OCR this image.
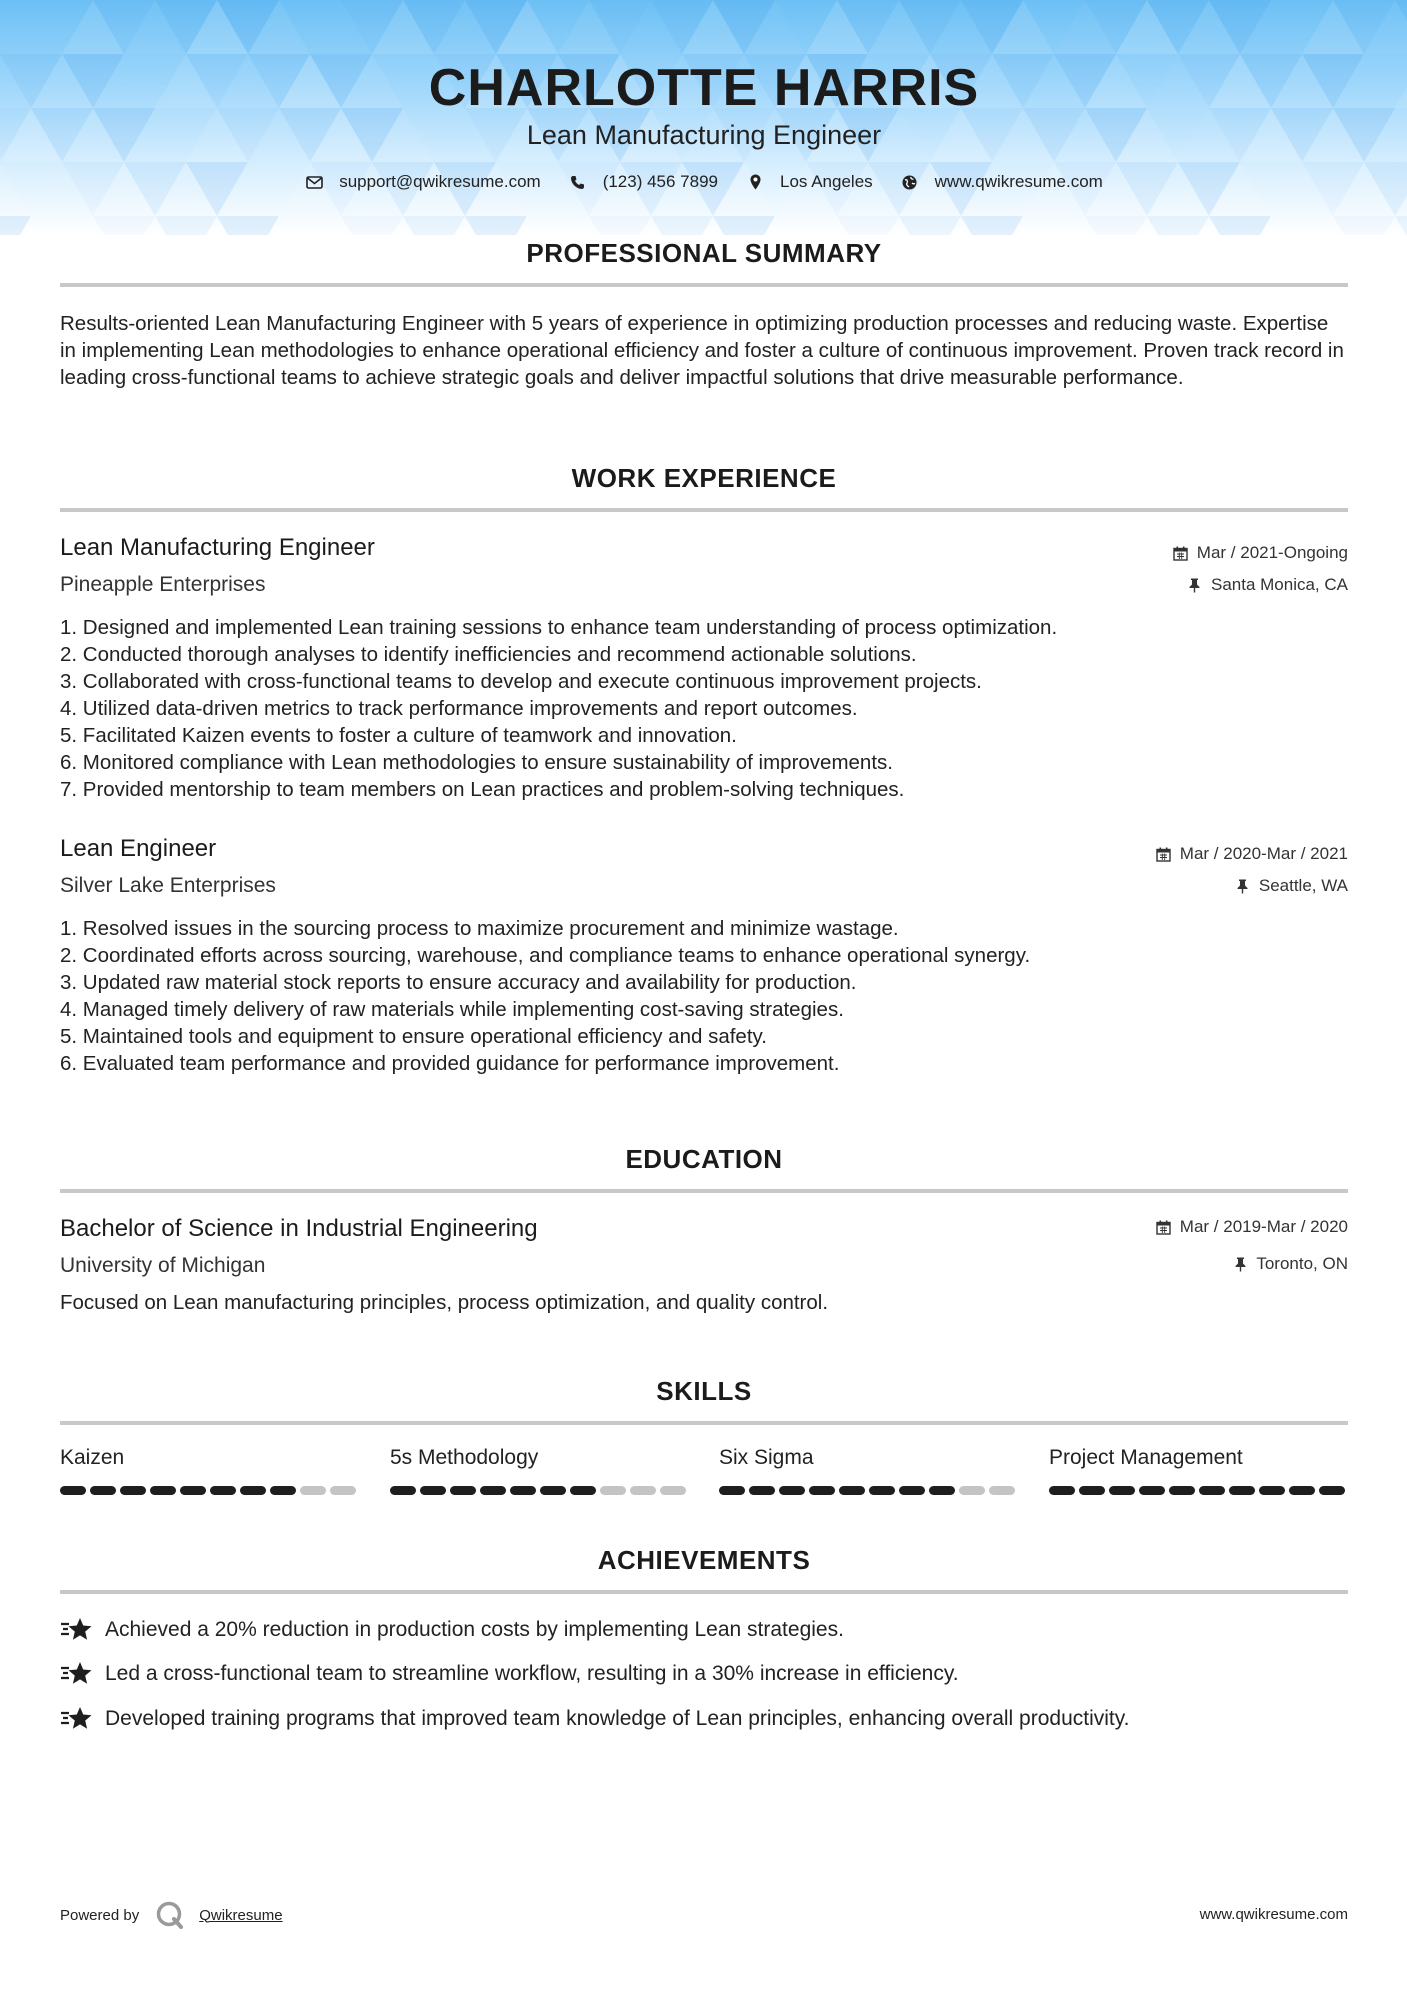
CHARLOTTE HARRIS
Lean Manufacturing Engineer
support@qwikresume.com	(123) 456 7899	Los Angeles	www.qwikresume.com
PROFESSIONAL SUMMARY

Results-oriented Lean Manufacturing Engineer with 5 years of experience in optimizing production processes and reducing waste. Expertise in implementing Lean methodologies to enhance operational efficiency and foster a culture of continuous improvement. Proven track record in leading cross-functional teams to achieve strategic goals and deliver impactful solutions that drive measurable performance.

WORK EXPERIENCE
Lean Manufacturing Engineer	Mar / 2021-Ongoing
Pineapple Enterprises	Santa Monica, CA
1. Designed and implemented Lean training sessions to enhance team understanding of process optimization.
2. Conducted thorough analyses to identify inefficiencies and recommend actionable solutions.
3. Collaborated with cross-functional teams to develop and execute continuous improvement projects.
4. Utilized data-driven metrics to track performance improvements and report outcomes.
5. Facilitated Kaizen events to foster a culture of teamwork and innovation.
6. Monitored compliance with Lean methodologies to ensure sustainability of improvements.
7. Provided mentorship to team members on Lean practices and problem-solving techniques.
Lean Engineer	Mar / 2020-Mar / 2021
Silver Lake Enterprises	Seattle, WA
1. Resolved issues in the sourcing process to maximize procurement and minimize wastage.
2. Coordinated efforts across sourcing, warehouse, and compliance teams to enhance operational synergy.
3. Updated raw material stock reports to ensure accuracy and availability for production.
4. Managed timely delivery of raw materials while implementing cost-saving strategies.
5. Maintained tools and equipment to ensure operational efficiency and safety.
6. Evaluated team performance and provided guidance for performance improvement.
EDUCATION
Bachelor of Science in Industrial Engineering	Mar / 2019-Mar / 2020
University of Michigan	Toronto, ON

Focused on Lean manufacturing principles, process optimization, and quality control.

SKILLS
Kaizen	5s Methodology	Six Sigma	Project Management
ACHIEVEMENTS
Achieved a 20% reduction in production costs by implementing Lean strategies.
Led a cross-functional team to streamline workflow, resulting in a 30% increase in efficiency.
Developed training programs that improved team knowledge of Lean principles, enhancing overall productivity.
Powered by	Qwikresume	www.qwikresume.com
